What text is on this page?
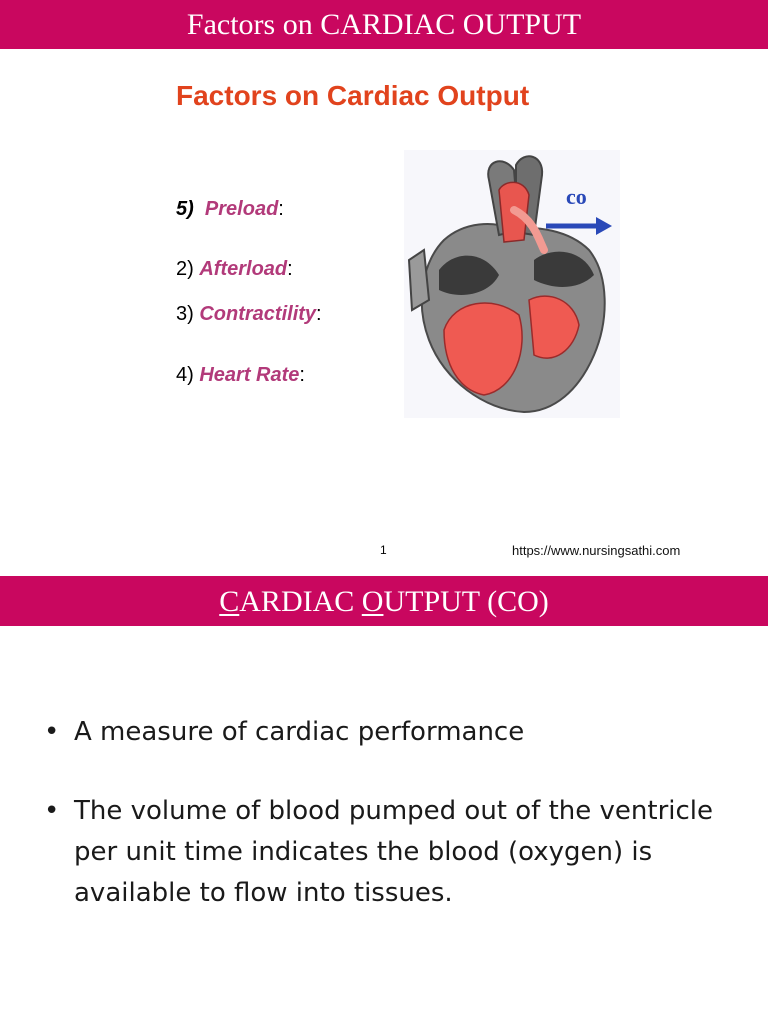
Factors on CARDIAC OUTPUT
Factors on Cardiac Output
5) Preload:
2) Afterload:
3) Contractility:
4) Heart Rate:
co
1	https://www.nursingsathi.com
CARDIAC OUTPUT (CO)
• A measure of cardiac performance
• The volume of blood pumped out of the ventricle per unit time indicates the blood (oxygen) is available to flow into tissues.
